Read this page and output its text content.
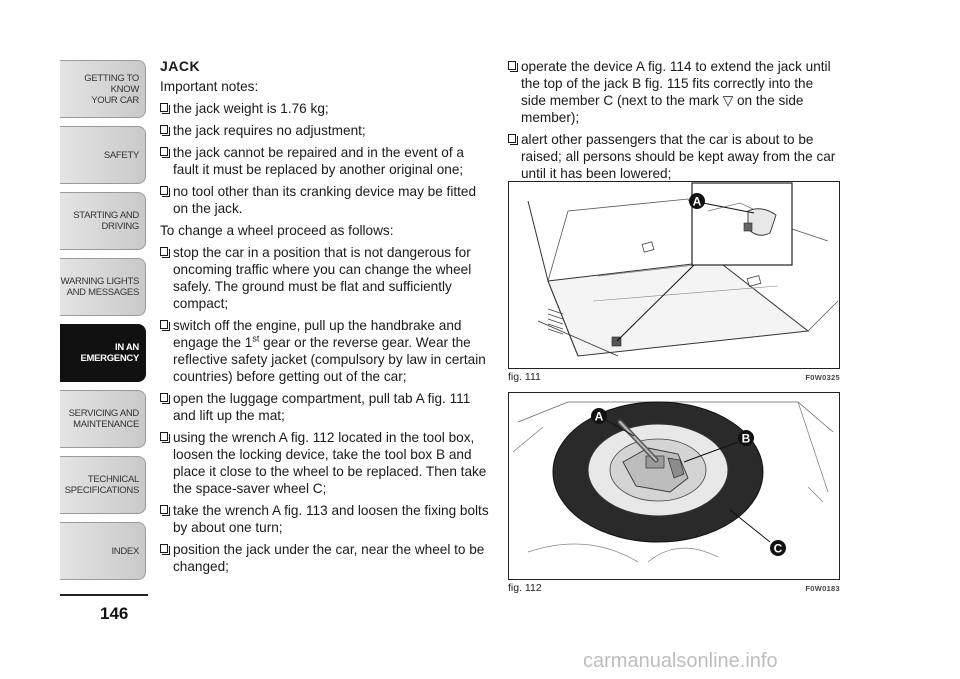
GETTING TO KNOW
YOUR CAR
SAFETY
STARTING AND
DRIVING
WARNING LIGHTS
AND MESSAGES
IN AN
EMERGENCY
SERVICING AND
MAINTENANCE
TECHNICAL
SPECIFICATIONS
INDEX
146
JACK
Important notes:
the jack weight is 1.76 kg;
the jack requires no adjustment;
the jack cannot be repaired and in the event of a fault it must be replaced by another original one;
no tool other than its cranking device may be fitted on the jack.
To change a wheel proceed as follows:
stop the car in a position that is not dangerous for oncoming traffic where you can change the wheel safely. The ground must be flat and sufficiently compact;
switch off the engine, pull up the handbrake and engage the 1st gear or the reverse gear. Wear the reflective safety jacket (compulsory by law in certain countries) before getting out of the car;
open the luggage compartment, pull tab A fig. 111 and lift up the mat;
using the wrench A fig. 112 located in the tool box, loosen the locking device, take the tool box B and place it close to the wheel to be replaced. Then take the space-saver wheel C;
take the wrench A fig. 113 and loosen the fixing bolts by about one turn;
position the jack under the car, near the wheel to be changed;
operate the device A fig. 114 to extend the jack until the top of the jack B fig. 115 fits correctly into the side member C (next to the mark ▽ on the side member);
alert other passengers that the car is about to be raised; all persons should be kept away from the car until it has been lowered;
A
fig. 111	F0W0325
A
B
C
fig. 112	F0W0183
carmanualsonline.info
